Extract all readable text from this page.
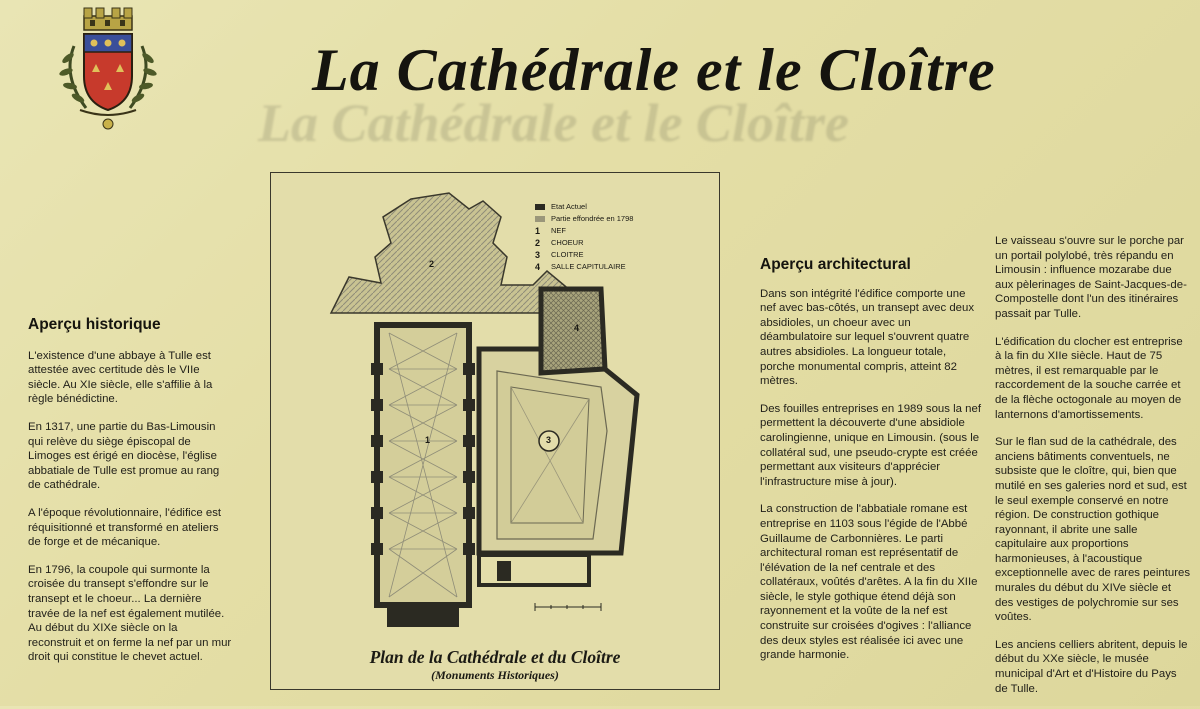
La Cathédrale et le Cloître
La Cathédrale et le Cloître
Aperçu historique

L'existence d'une abbaye à Tulle est attestée avec certitude dès le VIIe siècle. Au XIe siècle, elle s'affilie à la règle bénédictine.

En 1317, une partie du Bas-Limousin qui relève du siège épiscopal de Limoges est érigé en diocèse, l'église abbatiale de Tulle est promue au rang de cathédrale.

A l'époque révolutionnaire, l'édifice est réquisitionné et transformé en ateliers de forge et de mécanique.

En 1796, la coupole qui surmonte la croisée du transept s'effondre sur le transept et le choeur... La dernière travée de la nef est également mutilée. Au début du XIXe siècle on la reconstruit et on ferme la nef par un mur droit qui constitue le chevet actuel.

1
2
3
4
Etat Actuel
Partie effondrée en 1798
1	NEF
2	CHOEUR
3	CLOITRE
4	SALLE CAPITULAIRE
Plan de la Cathédrale et du Cloître
(Monuments Historiques)
Aperçu architectural

Dans son intégrité l'édifice comporte une nef avec bas-côtés, un transept avec deux absidioles, un choeur avec un déambulatoire sur lequel s'ouvrent quatre autres absidioles. La longueur totale, porche monumental compris, atteint 82 mètres.

Des fouilles entreprises en 1989 sous la nef permettent la découverte d'une absidiole carolingienne, unique en Limousin. (sous le collatéral sud, une pseudo-crypte est créée permettant aux visiteurs d'apprécier l'infrastructure mise à jour).

La construction de l'abbatiale romane est entreprise en 1103 sous l'égide de l'Abbé Guillaume de Carbonnières. Le parti architectural roman est représentatif de l'élévation de la nef centrale et des collatéraux, voûtés d'arêtes. A la fin du XIIe siècle, le style gothique étend déjà son rayonnement et la voûte de la nef est construite sur croisées d'ogives : l'alliance des deux styles est réalisée ici avec une grande harmonie.

Le vaisseau s'ouvre sur le porche par un portail polylobé, très répandu en Limousin : influence mozarabe due aux pèlerinages de Saint-Jacques-de-Compostelle dont l'un des itinéraires passait par Tulle.

L'édification du clocher est entreprise à la fin du XIIe siècle. Haut de 75 mètres, il est remarquable par le raccordement de la souche carrée et de la flèche octogonale au moyen de lanternons d'amortissements.

Sur le flan sud de la cathédrale, des anciens bâtiments conventuels, ne subsiste que le cloître, qui, bien que mutilé en ses galeries nord et sud, est le seul exemple conservé en notre région. De construction gothique rayonnant, il abrite une salle capitulaire aux proportions harmonieuses, à l'acoustique exceptionnelle avec de rares peintures murales du début du XIVe siècle et des vestiges de polychromie sur ses voûtes.

Les anciens celliers abritent, depuis le début du XXe siècle, le musée municipal d'Art et d'Histoire du Pays de Tulle.
